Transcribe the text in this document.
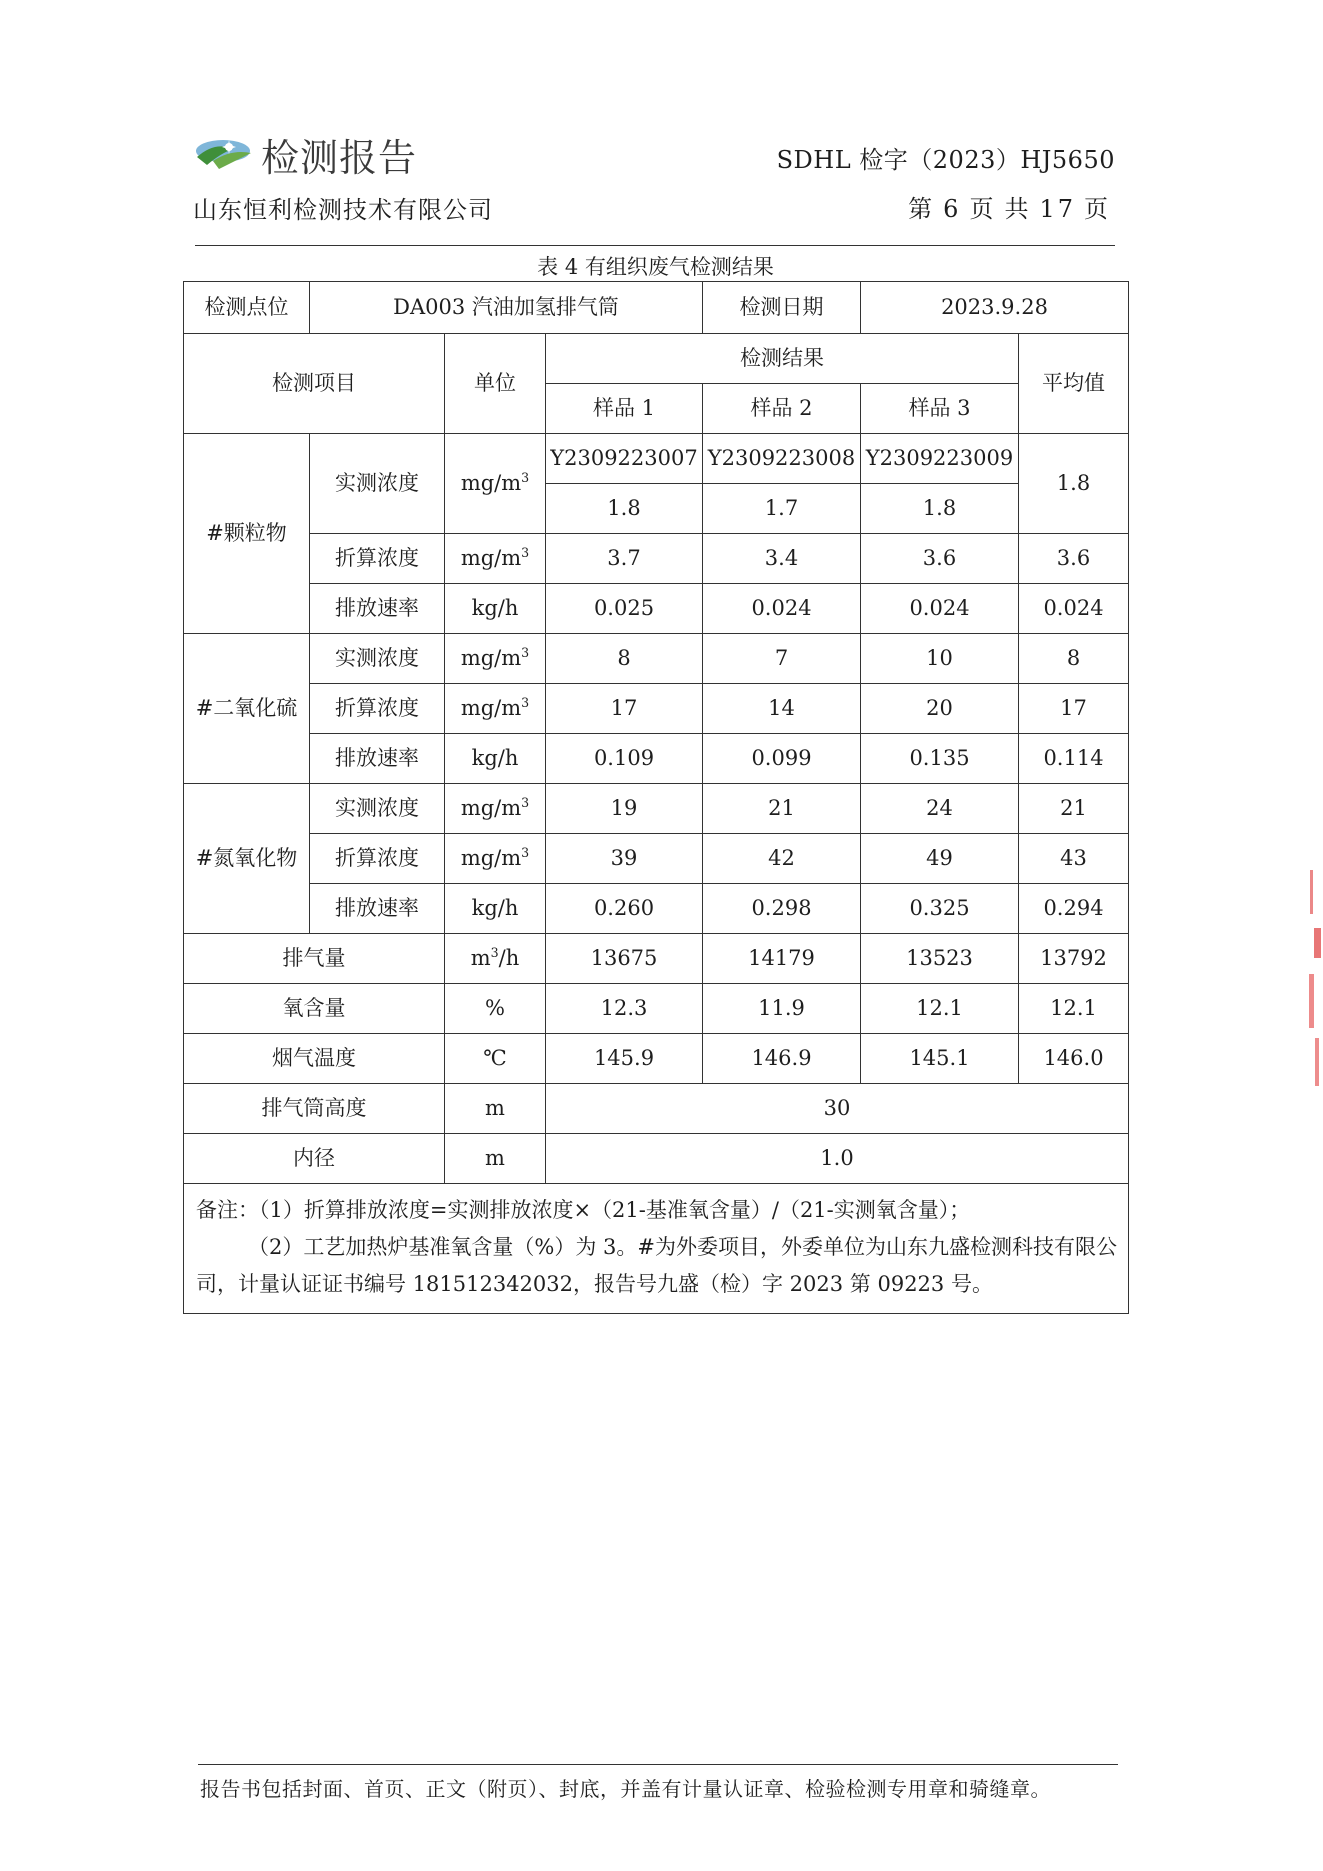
检测报告
山东恒利检测技术有限公司
SDHL 检字（2023）HJ5650
第 6 页 共 17 页
表 4 有组织废气检测结果
检测点位	DA003 汽油加氢排气筒			检测日期	2023.9.28	
检测项目		单位	检测结果			平均值
			样品 1	样品 2	样品 3	
#颗粒物	实测浓度	$mg/m^3$	Y2309223007	Y2309223008	Y2309223009	1.8
			1.8	1.7	1.8	
	折算浓度	$mg/m^3$	3.7	3.4	3.6	3.6
	排放速率	kg/h	0.025	0.024	0.024	0.024
#二氧化硫	实测浓度	$mg/m^3$	8	7	10	8
	折算浓度	$mg/m^3$	17	14	20	17
	排放速率	kg/h	0.109	0.099	0.135	0.114
#氮氧化物	实测浓度	$mg/m^3$	19	21	24	21
	折算浓度	$mg/m^3$	39	42	49	43
	排放速率	kg/h	0.260	0.298	0.325	0.294
排气量		$m^3/h$	13675	14179	13523	13792
氧含量		%	12.3	11.9	12.1	12.1
烟气温度		℃	145.9	146.9	145.1	146.0
排气筒高度		m	30			
内径		m	1.0			

备注：（1）折算排放浓度=实测排放浓度×（21-基准氧含量）/（21-实测氧含量）；
（2）工艺加热炉基准氧含量（%）为 3。#为外委项目，外委单位为山东九盛检测科技有限公司，计量认证证书编号 181512342032，报告号九盛（检）字 2023 第 09223 号。						
报告书包括封面、首页、正文（附页）、封底，并盖有计量认证章、检验检测专用章和骑缝章。
